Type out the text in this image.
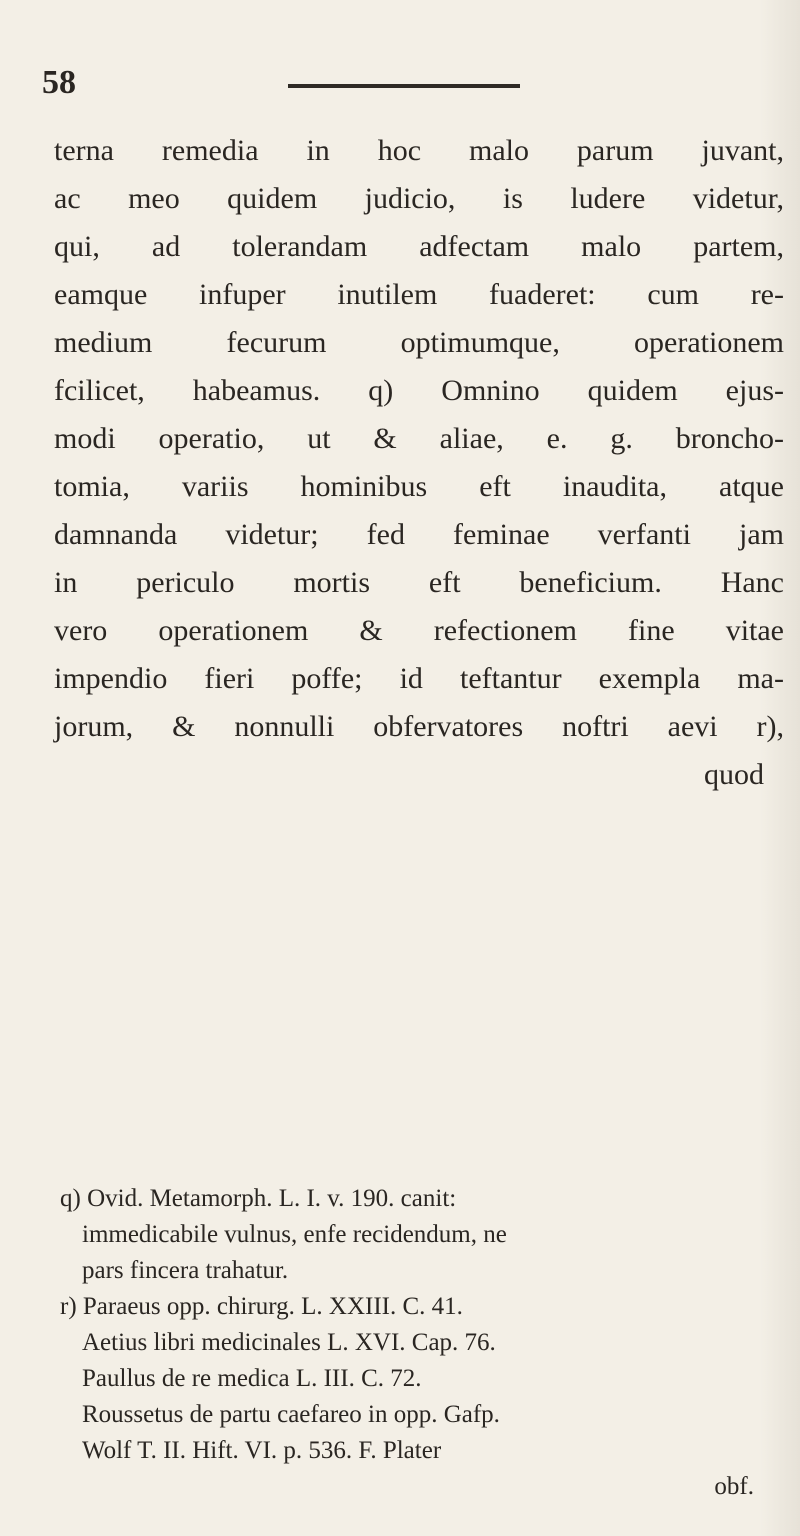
58
terna remedia in hoc malo parum juvant,
ac meo quidem judicio, is ludere videtur,
qui, ad tolerandam adfectam malo partem,
eamque infuper inutilem fuaderet: cum re-
medium fecurum optimumque, operationem
fcilicet, habeamus. q) Omnino quidem ejus-
modi operatio, ut & aliae, e. g. broncho-
tomia, variis hominibus eft inaudita, atque
damnanda videtur; fed feminae verfanti jam
in periculo mortis eft beneficium. Hanc
vero operationem & refectionem fine vitae
impendio fieri poffe; id teftantur exempla ma-
jorum, & nonnulli obfervatores noftri aevi r),
quod
q) Ovid. Metamorph. L. I. v. 190. canit:
immedicabile vulnus, enfe recidendum, ne
pars fincera trahatur.
r) Paraeus opp. chirurg. L. XXIII. C. 41.
Aetius libri medicinales L. XVI. Cap. 76.
Paullus de re medica L. III. C. 72.
Roussetus de partu caefareo in opp. Gafp.
Wolf T. II. Hift. VI. p. 536. F. Plater
obf.
